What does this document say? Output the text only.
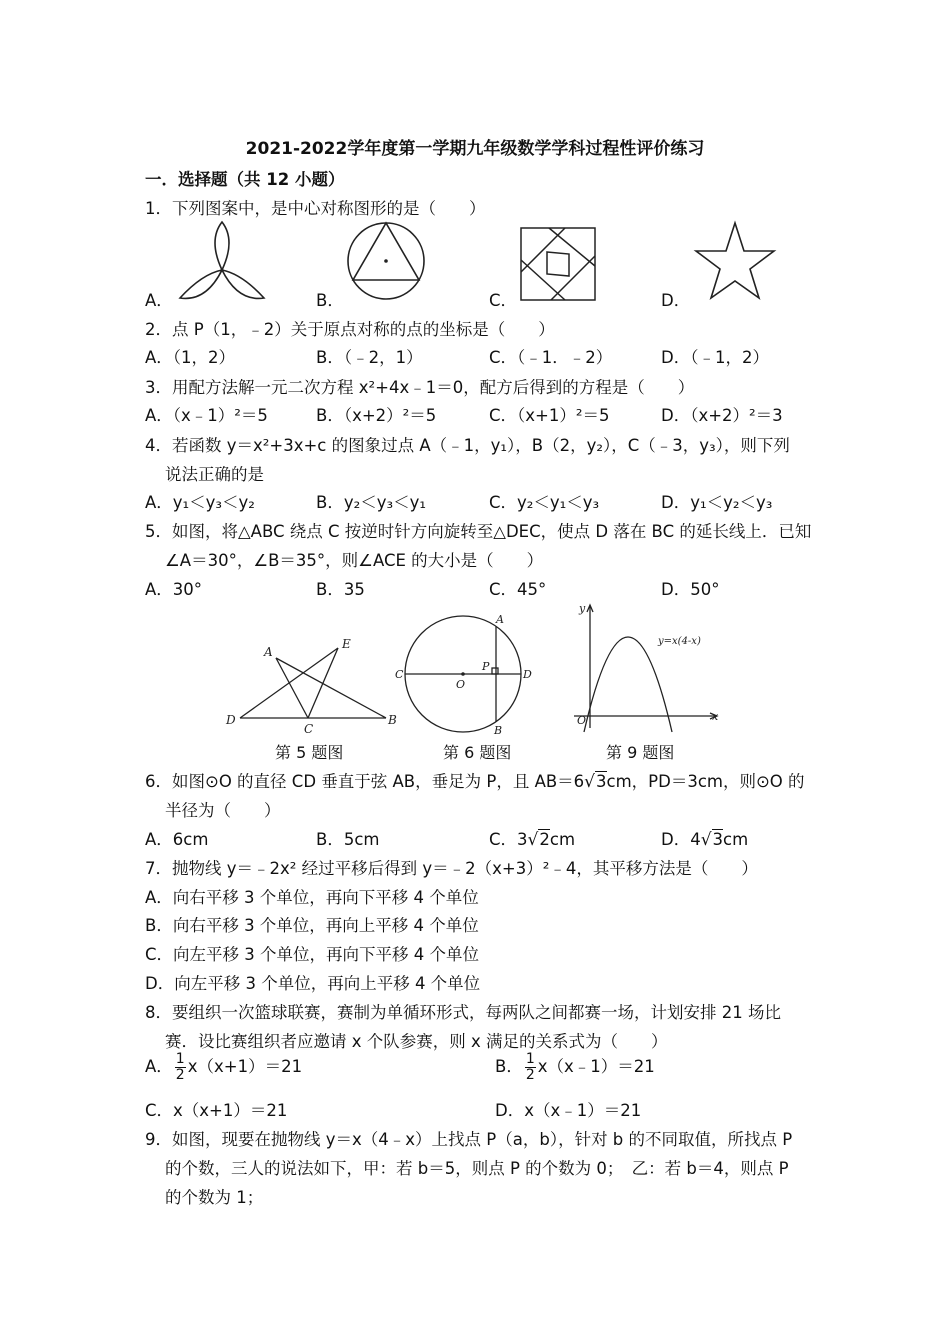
2021-2022学年度第一学期九年级数学学科过程性评价练习
一．选择题（共 12 小题）
1．下列图案中，是中心对称图形的是（　　）
A．	B．	C．	D．
2．点 P（1，﹣2）关于原点对称的点的坐标是（　　）
A．（1，2）	B．（﹣2，1）	C．（﹣1．﹣2）	D．（﹣1，2）
3．用配方法解一元二次方程 x²+4x﹣1＝0，配方后得到的方程是（　　）
A．（x﹣1）²＝5	B．（x+2）²＝5	C．（x+1）²＝5	D．（x+2）²＝3
4．若函数 y＝x²+3x+c 的图象过点 A（﹣1，y₁），B（2，y₂），C（﹣3，y₃），则下列
说法正确的是
A．y₁＜y₃＜y₂	B．y₂＜y₃＜y₁	C．y₂＜y₁＜y₃	D．y₁＜y₂＜y₃
5．如图，将△ABC 绕点 C 按逆时针方向旋转至△DEC，使点 D 落在 BC 的延长线上．已知
∠A＝30°，∠B＝35°，则∠ACE 的大小是（　　）
A．30°	B．35	C．45°	D．50°
A
E
D
C
B
第 5 题图
A
C
P
D
O
B
第 6 题图
y
y=x(4-x)
O	x
第 9 题图
6．如图⊙O 的直径 CD 垂直于弦 AB，垂足为 P，且 AB＝6√3cm，PD＝3cm，则⊙O 的
半径为（　　）
A．6cm	B．5cm	C．3√2cm	D．4√3cm
7．抛物线 y＝﹣2x² 经过平移后得到 y＝﹣2（x+3）²﹣4，其平移方法是（　　）
A．向右平移 3 个单位，再向下平移 4 个单位
B．向右平移 3 个单位，再向上平移 4 个单位
C．向左平移 3 个单位，再向下平移 4 个单位
D．向左平移 3 个单位，再向上平移 4 个单位
8．要组织一次篮球联赛，赛制为单循环形式，每两队之间都赛一场，计划安排 21 场比
赛．设比赛组织者应邀请 x 个队参赛，则 x 满足的关系式为（　　）
A． $\frac{1}{2} x(x+1)=21$	B． $\frac{1}{2}$ x（x﹣1）＝21
C．x（x+1）＝21	D．x（x﹣1）＝21
9．如图，现要在抛物线 y＝x（4﹣x）上找点 P（a，b），针对 b 的不同取值，所找点 P
的个数，三人的说法如下，甲：若 b＝5，则点 P 的个数为 0；　乙：若 b＝4，则点 P
的个数为 1；
